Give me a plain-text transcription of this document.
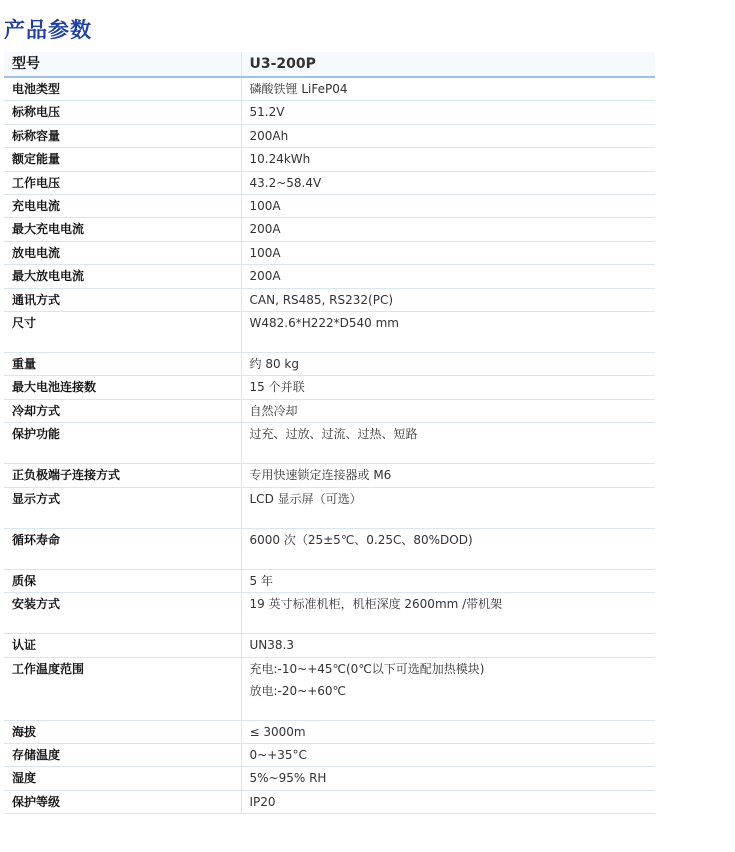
产品参数
型号	U3-200P
电池类型	磷酸铁锂 LiFeP04

标称电压	51.2V

标称容量	200Ah

额定能量	10.24kWh

工作电压	43.2~58.4V

充电电流	100A

最大充电电流	200A

放电电流	100A

最大放电电流	200A

通讯方式	CAN, RS485, RS232(PC)

尺寸	W482.6*H222*D540 mm

重量	约 80 kg

最大电池连接数	15 个并联

冷却方式	自然冷却

保护功能	过充、过放、过流、过热、短路

正负极端子连接方式	专用快速锁定连接器或 M6

显示方式	LCD 显示屏（可选）

循环寿命	6000 次（25±5℃、0.25C、80%DOD)

质保	5 年

安装方式	19 英寸标准机柜，机柜深度 2600mm /带机架

认证	UN38.3

工作温度范围	充电:-10~+45℃(0℃以下可选配加热模块)
放电:-20~+60℃

海拔	≤ 3000m

存储温度	0~+35°C

湿度	5%~95% RH

保护等级	IP20
